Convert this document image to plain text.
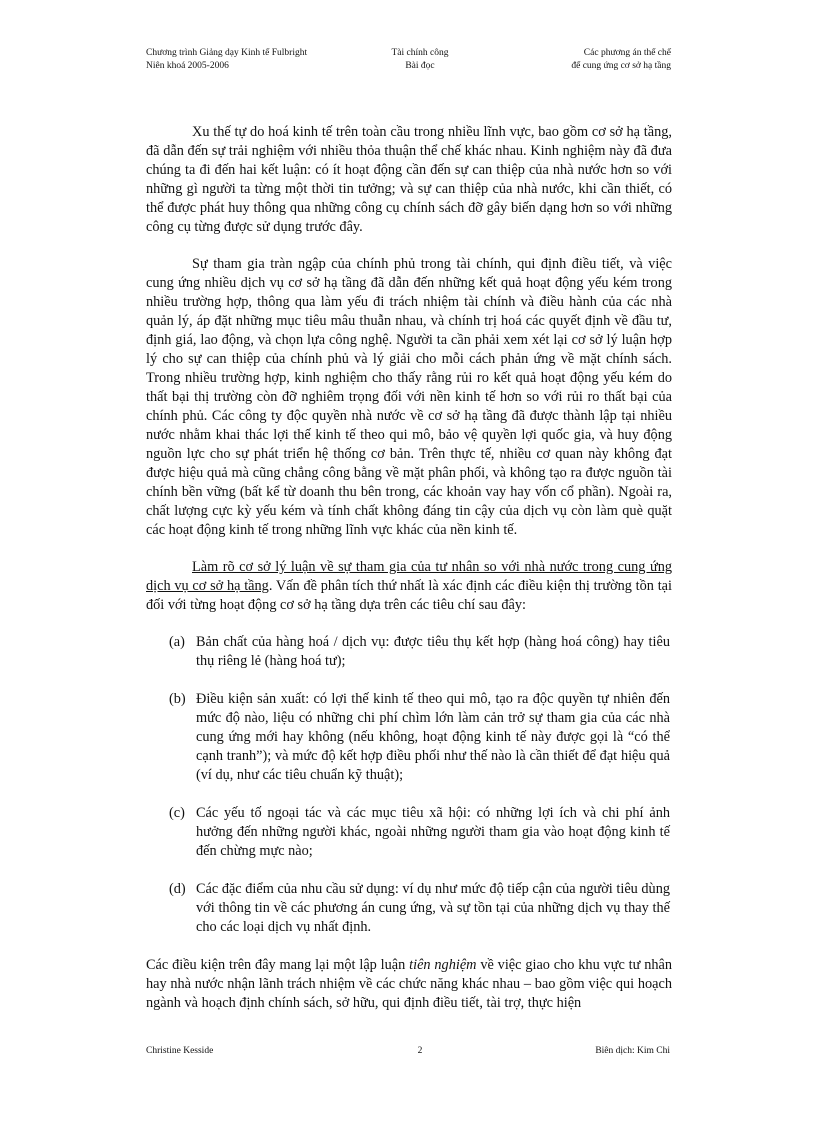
Chương trình Giảng dạy Kinh tế Fulbright
Niên khoá 2005-2006
Tài chính công
Bài đọc
Các phương án thể chế
để cung ứng cơ sở hạ tầng

Xu thế tự do hoá kinh tế trên toàn cầu trong nhiều lĩnh vực, bao gồm cơ sở hạ tầng, đã dẫn đến sự trải nghiệm với nhiều thỏa thuận thể chế khác nhau. Kinh nghiệm này đã đưa chúng ta đi đến hai kết luận: có ít hoạt động cần đến sự can thiệp của nhà nước hơn so với những gì người ta từng một thời tin tưởng; và sự can thiệp của nhà nước, khi cần thiết, có thể được phát huy thông qua những công cụ chính sách đỡ gây biến dạng hơn so với những công cụ từng được sử dụng trước đây.

Sự tham gia tràn ngập của chính phủ trong tài chính, qui định điều tiết, và việc cung ứng nhiều dịch vụ cơ sở hạ tầng đã dẫn đến những kết quả hoạt động yếu kém trong nhiều trường hợp, thông qua làm yếu đi trách nhiệm tài chính và điều hành của các nhà quản lý, áp đặt những mục tiêu mâu thuẫn nhau, và chính trị hoá các quyết định về đầu tư, định giá, lao động, và chọn lựa công nghệ. Người ta cần phải xem xét lại cơ sở lý luận hợp lý cho sự can thiệp của chính phủ và lý giải cho mỗi cách phản ứng về mặt chính sách. Trong nhiều trường hợp, kinh nghiệm cho thấy rằng rủi ro kết quả hoạt động yếu kém do thất bại thị trường còn đỡ nghiêm trọng đối với nền kinh tế hơn so với rủi ro thất bại của chính phủ. Các công ty độc quyền nhà nước về cơ sở hạ tầng đã được thành lập tại nhiều nước nhằm khai thác lợi thế kinh tế theo qui mô, bảo vệ quyền lợi quốc gia, và huy động nguồn lực cho sự phát triển hệ thống cơ bản. Trên thực tế, nhiều cơ quan này không đạt được hiệu quả mà cũng chẳng công bằng về mặt phân phối, và không tạo ra được nguồn tài chính bền vững (bất kể từ doanh thu bên trong, các khoản vay hay vốn cổ phần). Ngoài ra, chất lượng cực kỳ yếu kém và tính chất không đáng tin cậy của dịch vụ còn làm què quặt các hoạt động kinh tế trong những lĩnh vực khác của nền kinh tế.

Làm rõ cơ sở lý luận về sự tham gia của tư nhân so với nhà nước trong cung ứng dịch vụ cơ sở hạ tầng. Vấn đề phân tích thứ nhất là xác định các điều kiện thị trường tồn tại đối với từng hoạt động cơ sở hạ tầng dựa trên các tiêu chí sau đây:

(a) Bản chất của hàng hoá / dịch vụ: được tiêu thụ kết hợp (hàng hoá công) hay tiêu thụ riêng lẻ (hàng hoá tư);
(b) Điều kiện sản xuất: có lợi thế kinh tế theo qui mô, tạo ra độc quyền tự nhiên đến mức độ nào, liệu có những chi phí chìm lớn làm cản trở sự tham gia của các nhà cung ứng mới hay không (nếu không, hoạt động kinh tế này được gọi là “có thể cạnh tranh”); và mức độ kết hợp điều phối như thế nào là cần thiết để đạt hiệu quả (ví dụ, như các tiêu chuẩn kỹ thuật);
(c) Các yếu tố ngoại tác và các mục tiêu xã hội: có những lợi ích và chi phí ảnh hưởng đến những người khác, ngoài những người tham gia vào hoạt động kinh tế đến chừng mực nào;
(d) Các đặc điểm của nhu cầu sử dụng: ví dụ như mức độ tiếp cận của người tiêu dùng với thông tin về các phương án cung ứng, và sự tồn tại của những dịch vụ thay thế cho các loại dịch vụ nhất định.

Các điều kiện trên đây mang lại một lập luận tiên nghiệm về việc giao cho khu vực tư nhân hay nhà nước nhận lãnh trách nhiệm về các chức năng khác nhau – bao gồm việc qui hoạch ngành và hoạch định chính sách, sở hữu, qui định điều tiết, tài trợ, thực hiện

Christine Kesside	2	Biên dịch: Kim Chi
